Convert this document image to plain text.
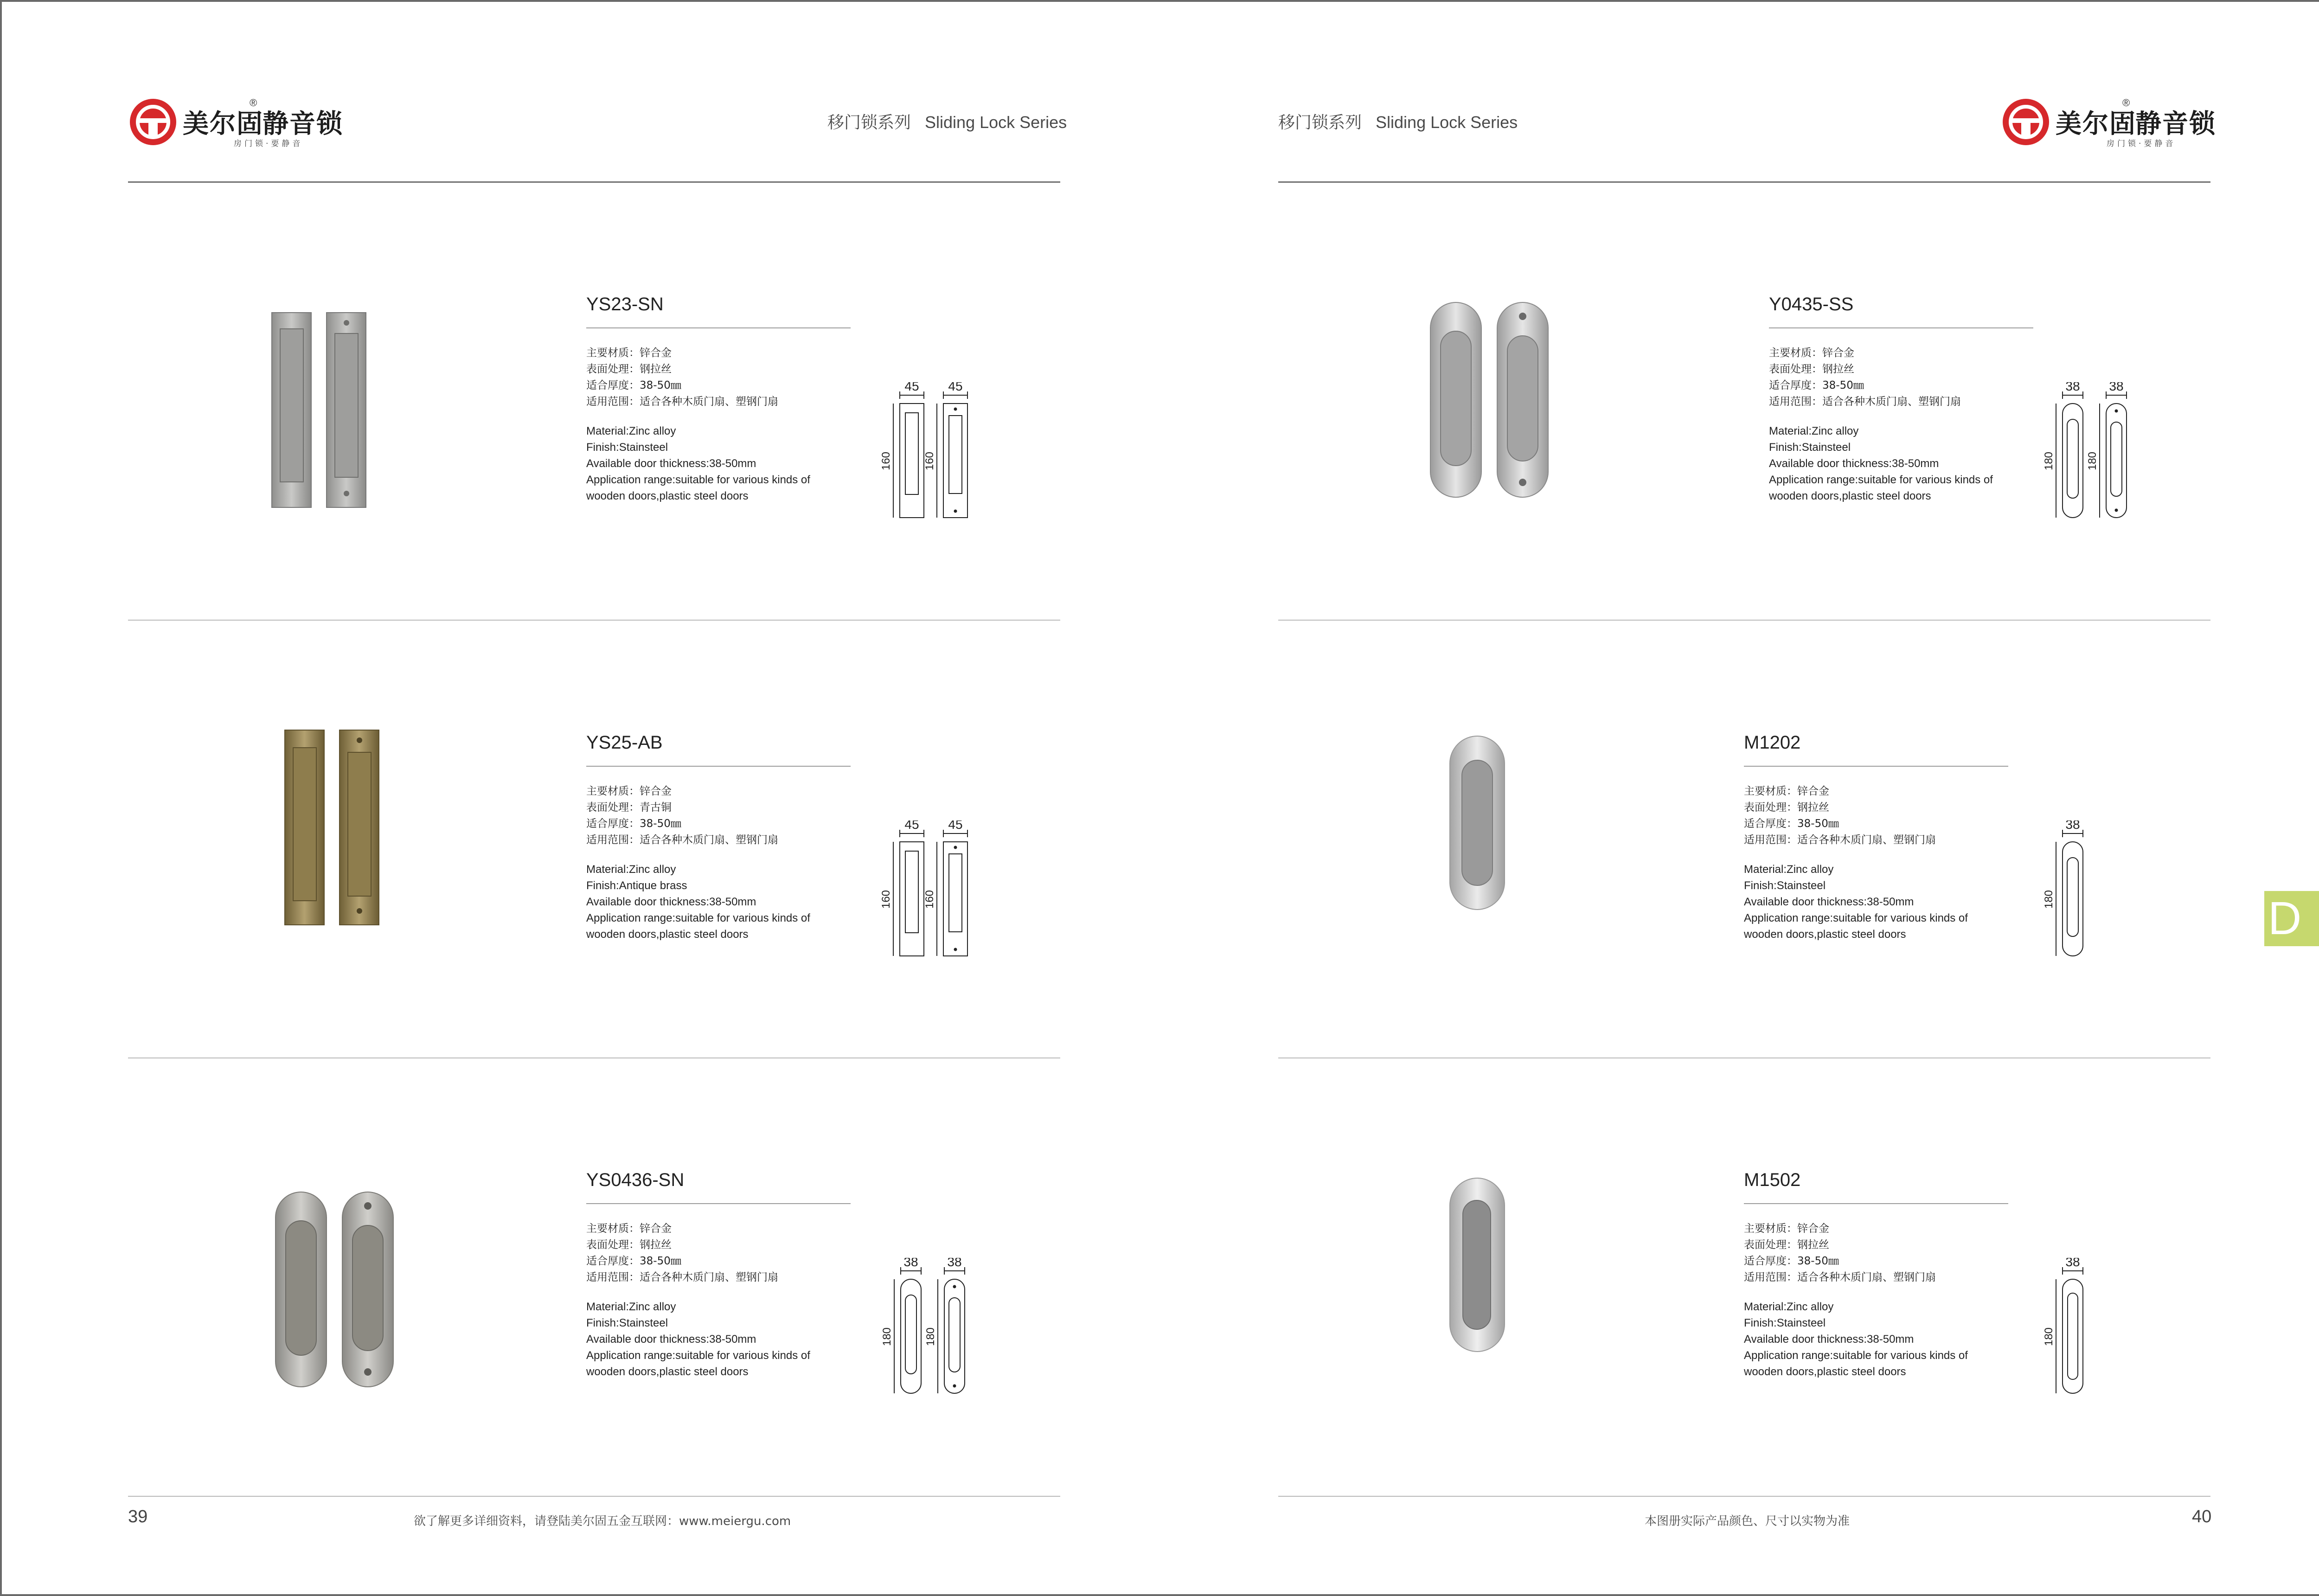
美尔固
®
静音锁
房门锁·要静音
移门锁系列 Sliding Lock Series
YS23-SN
主要材质：锌合金
表面处理：钢拉丝
适合厚度：38-50㎜
适用范围：适合各种木质门扇、塑钢门扇
Material:Zinc alloy
Finish:Stainsteel
Available door thickness:38-50mm
Application range:suitable for various kinds of
wooden doors,plastic steel doors
45 45
160	160
YS25-AB
主要材质：锌合金
表面处理：青古铜
适合厚度：38-50㎜
适用范围：适合各种木质门扇、塑钢门扇
Material:Zinc alloy
Finish:Antique brass
Available door thickness:38-50mm
Application range:suitable for various kinds of
wooden doors,plastic steel doors
45 45
160	160
YS0436-SN
主要材质：锌合金
表面处理：钢拉丝
适合厚度：38-50㎜
适用范围：适合各种木质门扇、塑钢门扇
Material:Zinc alloy
Finish:Stainsteel
Available door thickness:38-50mm
Application range:suitable for various kinds of
wooden doors,plastic steel doors
38 38
180	180
39	欲了解更多详细资料，请登陆美尔固五金互联网：www.meiergu.com
移门锁系列 Sliding Lock Series	美尔固
®
静音锁
房门锁·要静音
Y0435-SS
主要材质：锌合金
表面处理：钢拉丝
适合厚度：38-50㎜
适用范围：适合各种木质门扇、塑钢门扇
Material:Zinc alloy
Finish:Stainsteel
Available door thickness:38-50mm
Application range:suitable for various kinds of
wooden doors,plastic steel doors
38 38
180	180
M1202
主要材质：锌合金
表面处理：钢拉丝
适合厚度：38-50㎜
适用范围：适合各种木质门扇、塑钢门扇
Material:Zinc alloy
Finish:Stainsteel
Available door thickness:38-50mm
Application range:suitable for various kinds of
wooden doors,plastic steel doors
38
180
M1502
主要材质：锌合金
表面处理：钢拉丝
适合厚度：38-50㎜
适用范围：适合各种木质门扇、塑钢门扇
Material:Zinc alloy
Finish:Stainsteel
Available door thickness:38-50mm
Application range:suitable for various kinds of
wooden doors,plastic steel doors
38
180
本图册实际产品颜色、尺寸以实物为准	40
D
